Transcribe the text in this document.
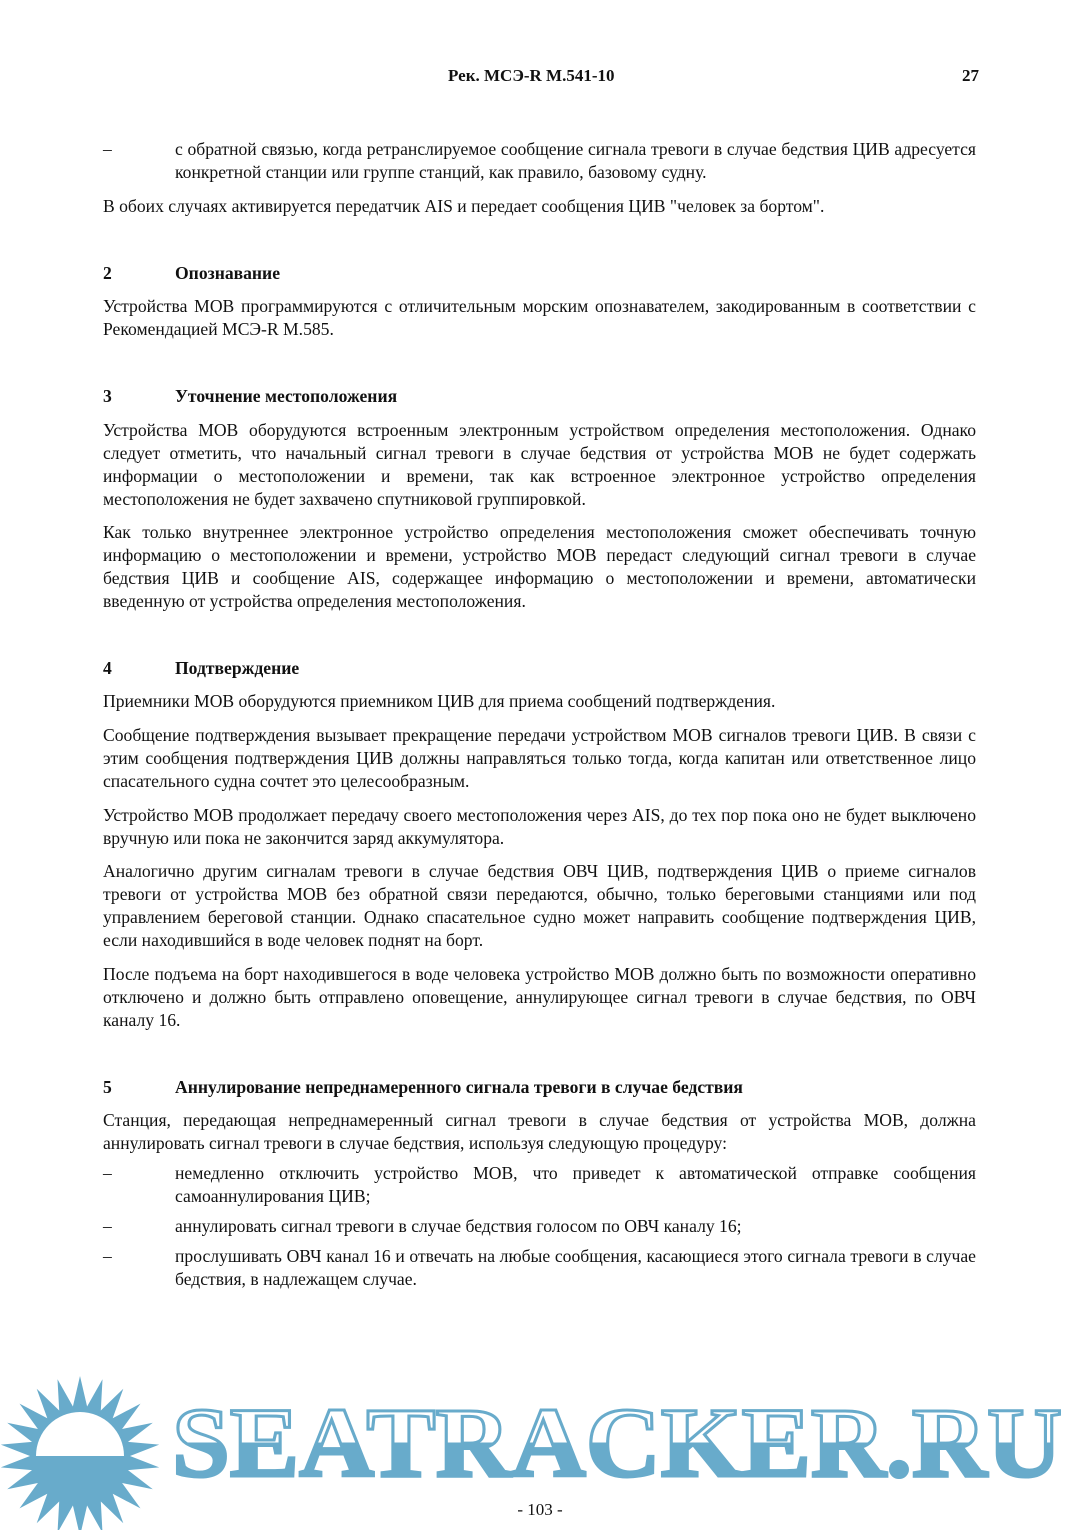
Рек. МСЭ-R M.541-10	27
–	с обратной связью, когда ретранслируемое сообщение сигнала тревоги в случае бедствия ЦИВ адресуется конкретной станции или группе станций, как правило, базовому судну.
В обоих случаях активируется передатчик AIS и передает сообщения ЦИВ "человек за бортом".
2	Опознавание
Устройства MOB программируются с отличительным морским опознавателем, закодированным в соответствии с Рекомендацией МСЭ-R M.585.
3	Уточнение местоположения
Устройства MOB оборудуются встроенным электронным устройством определения местоположения. Однако следует отметить, что начальный сигнал тревоги в случае бедствия от устройства MOB не будет содержать информации о местоположении и времени, так как встроенное электронное устройство определения местоположения не будет захвачено спутниковой группировкой.
Как только внутреннее электронное устройство определения местоположения сможет обеспечивать точную информацию о местоположении и времени, устройство MOB передаст следующий сигнал тревоги в случае бедствия ЦИВ и сообщение AIS, содержащее информацию о местоположении и времени, автоматически введенную от устройства определения местоположения.
4	Подтверждение
Приемники MOB оборудуются приемником ЦИВ для приема сообщений подтверждения.
Сообщение подтверждения вызывает прекращение передачи устройством MOB сигналов тревоги ЦИВ. В связи с этим сообщения подтверждения ЦИВ должны направляться только тогда, когда капитан или ответственное лицо спасательного судна сочтет это целесообразным.
Устройство MOB продолжает передачу своего местоположения через AIS, до тех пор пока оно не будет выключено вручную или пока не закончится заряд аккумулятора.
Аналогично другим сигналам тревоги в случае бедствия ОВЧ ЦИВ, подтверждения ЦИВ о приеме сигналов тревоги от устройства MOB без обратной связи передаются, обычно, только береговыми станциями или под управлением береговой станции. Однако спасательное судно может направить сообщение подтверждения ЦИВ, если находившийся в воде человек поднят на борт.
После подъема на борт находившегося в воде человека устройство MOB должно быть по возможности оперативно отключено и должно быть отправлено оповещение, аннулирующее сигнал тревоги в случае бедствия, по ОВЧ каналу 16.
5	Аннулирование непреднамеренного сигнала тревоги в случае бедствия
Станция, передающая непреднамеренный сигнал тревоги в случае бедствия от устройства MOB, должна аннулировать сигнал тревоги в случае бедствия, используя следующую процедуру:
–	немедленно отключить устройство MOB, что приведет к автоматической отправке сообщения самоаннулирования ЦИВ;
–	аннулировать сигнал тревоги в случае бедствия голосом по ОВЧ каналу 16;
–	прослушивать ОВЧ канал 16 и отвечать на любые сообщения, касающиеся этого сигнала тревоги в случае бедствия, в надлежащем случае.
SEATRACKER.RU
- 103 -
